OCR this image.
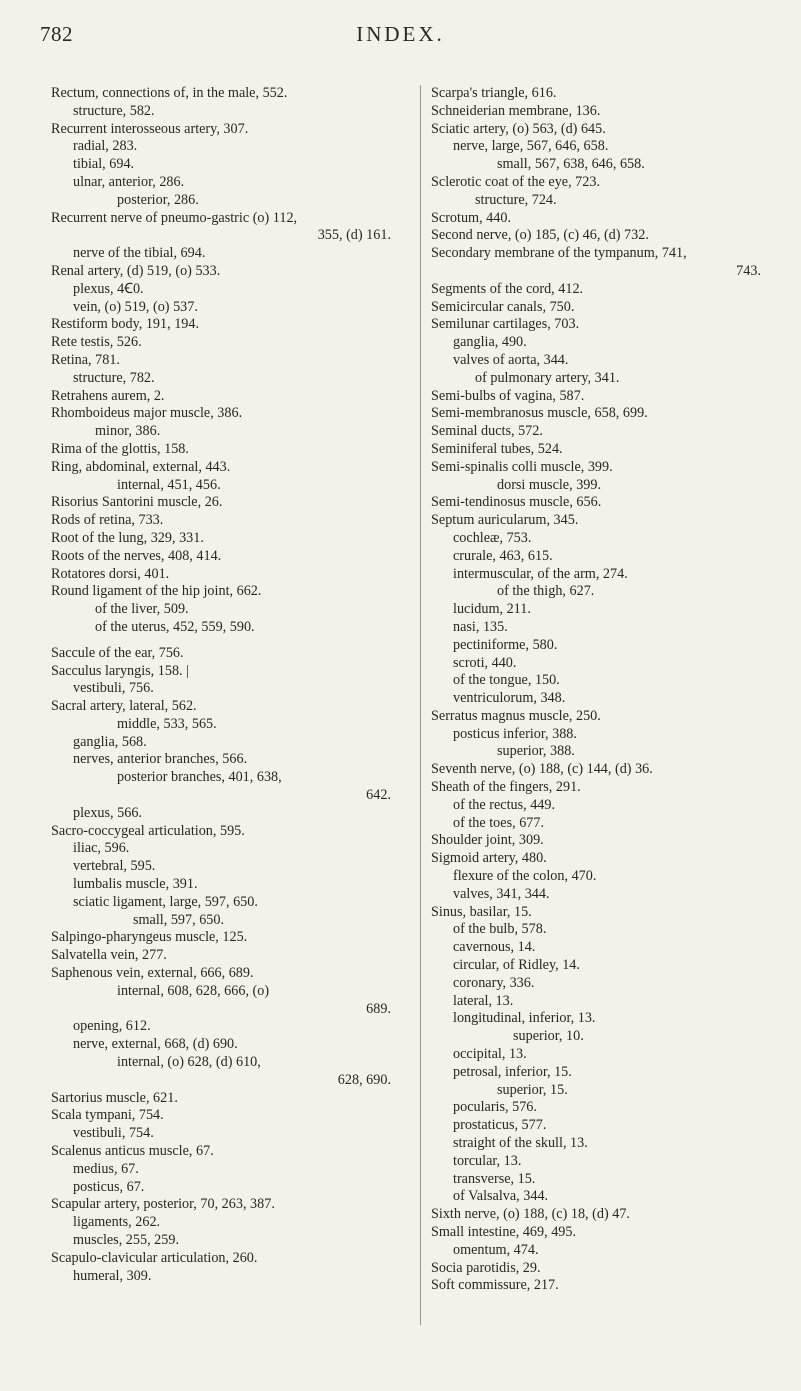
782	INDEX.
Rectum, connections of, in the male, 552.
structure, 582.
Recurrent interosseous artery, 307.
radial, 283.
tibial, 694.
ulnar, anterior, 286.
posterior, 286.
Recurrent nerve of pneumo-gastric (o) 112,
355, (d) 161.
nerve of the tibial, 694.
Renal artery, (d) 519, (o) 533.
plexus, 4Ꞓ0.
vein, (o) 519, (o) 537.
Restiform body, 191, 194.
Rete testis, 526.
Retina, 781.
structure, 782.
Retrahens aurem, 2.
Rhomboideus major muscle, 386.
minor, 386.
Rima of the glottis, 158.
Ring, abdominal, external, 443.
internal, 451, 456.
Risorius Santorini muscle, 26.
Rods of retina, 733.
Root of the lung, 329, 331.
Roots of the nerves, 408, 414.
Rotatores dorsi, 401.
Round ligament of the hip joint, 662.
of the liver, 509.
of the uterus, 452, 559, 590.
Saccule of the ear, 756.
Sacculus laryngis, 158. |
vestibuli, 756.
Sacral artery, lateral, 562.
middle, 533, 565.
ganglia, 568.
nerves, anterior branches, 566.
posterior branches, 401, 638,
642.
plexus, 566.
Sacro-coccygeal articulation, 595.
iliac, 596.
vertebral, 595.
lumbalis muscle, 391.
sciatic ligament, large, 597, 650.
small, 597, 650.
Salpingo-pharyngeus muscle, 125.
Salvatella vein, 277.
Saphenous vein, external, 666, 689.
internal, 608, 628, 666, (o)
689.
opening, 612.
nerve, external, 668, (d) 690.
internal, (o) 628, (d) 610,
628, 690.
Sartorius muscle, 621.
Scala tympani, 754.
vestibuli, 754.
Scalenus anticus muscle, 67.
medius, 67.
posticus, 67.
Scapular artery, posterior, 70, 263, 387.
ligaments, 262.
muscles, 255, 259.
Scapulo-clavicular articulation, 260.
humeral, 309.
Scarpa's triangle, 616.
Schneiderian membrane, 136.
Sciatic artery, (o) 563, (d) 645.
nerve, large, 567, 646, 658.
small, 567, 638, 646, 658.
Sclerotic coat of the eye, 723.
structure, 724.
Scrotum, 440.
Second nerve, (o) 185, (c) 46, (d) 732.
Secondary membrane of the tympanum, 741,
743.
Segments of the cord, 412.
Semicircular canals, 750.
Semilunar cartilages, 703.
ganglia, 490.
valves of aorta, 344.
of pulmonary artery, 341.
Semi-bulbs of vagina, 587.
Semi-membranosus muscle, 658, 699.
Seminal ducts, 572.
Seminiferal tubes, 524.
Semi-spinalis colli muscle, 399.
dorsi muscle, 399.
Semi-tendinosus muscle, 656.
Septum auricularum, 345.
cochleæ, 753.
crurale, 463, 615.
intermuscular, of the arm, 274.
of the thigh, 627.
lucidum, 211.
nasi, 135.
pectiniforme, 580.
scroti, 440.
of the tongue, 150.
ventriculorum, 348.
Serratus magnus muscle, 250.
posticus inferior, 388.
superior, 388.
Seventh nerve, (o) 188, (c) 144, (d) 36.
Sheath of the fingers, 291.
of the rectus, 449.
of the toes, 677.
Shoulder joint, 309.
Sigmoid artery, 480.
flexure of the colon, 470.
valves, 341, 344.
Sinus, basilar, 15.
of the bulb, 578.
cavernous, 14.
circular, of Ridley, 14.
coronary, 336.
lateral, 13.
longitudinal, inferior, 13.
superior, 10.
occipital, 13.
petrosal, inferior, 15.
superior, 15.
pocularis, 576.
prostaticus, 577.
straight of the skull, 13.
torcular, 13.
transverse, 15.
of Valsalva, 344.
Sixth nerve, (o) 188, (c) 18, (d) 47.
Small intestine, 469, 495.
omentum, 474.
Socia parotidis, 29.
Soft commissure, 217.
